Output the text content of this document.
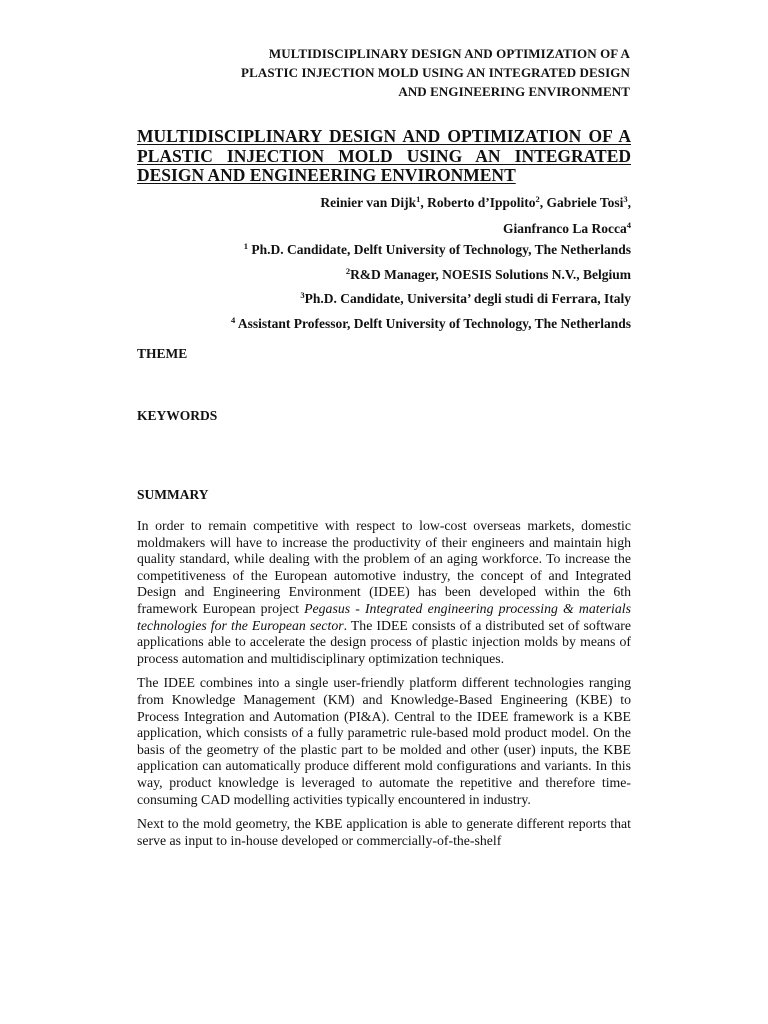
MULTIDISCIPLINARY DESIGN AND OPTIMIZATION OF A
PLASTIC INJECTION MOLD USING AN INTEGRATED DESIGN
AND ENGINEERING ENVIRONMENT
MULTIDISCIPLINARY DESIGN AND OPTIMIZATION OF A PLASTIC INJECTION MOLD USING AN INTEGRATED DESIGN AND ENGINEERING ENVIRONMENT
Reinier van Dijk$^1$, Roberto d’Ippolito$^2$, Gabriele Tosi$^3$,
Gianfranco La Rocca$^4$
$^1$ Ph.D. Candidate, Delft University of Technology, The Netherlands
$^2$R&D Manager, NOESIS Solutions N.V., Belgium
$^3$Ph.D. Candidate, Universita’ degli studi di Ferrara, Italy
$^4$ Assistant Professor, Delft University of Technology, The Netherlands
THEME
KEYWORDS
SUMMARY

In order to remain competitive with respect to low-cost overseas markets, domestic moldmakers will have to increase the productivity of their engineers and maintain high quality standard, while dealing with the problem of an aging workforce. To increase the competitiveness of the European automotive industry, the concept of and Integrated Design and Engineering Environment (IDEE) has been developed within the 6th framework European project Pegasus - Integrated engineering processing & materials technologies for the European sector. The IDEE consists of a distributed set of software applications able to accelerate the design process of plastic injection molds by means of process automation and multidisciplinary optimization techniques.

The IDEE combines into a single user-friendly platform different technologies ranging from Knowledge Management (KM) and Knowledge-Based Engineering (KBE) to Process Integration and Automation (PI&A). Central to the IDEE framework is a KBE application, which consists of a fully parametric rule-based mold product model. On the basis of the geometry of the plastic part to be molded and other (user) inputs, the KBE application can automatically produce different mold configurations and variants. In this way, product knowledge is leveraged to automate the repetitive and therefore time-consuming CAD modelling activities typically encountered in industry.

Next to the mold geometry, the KBE application is able to generate different reports that serve as input to in-house developed or commercially-of-the-shelf
